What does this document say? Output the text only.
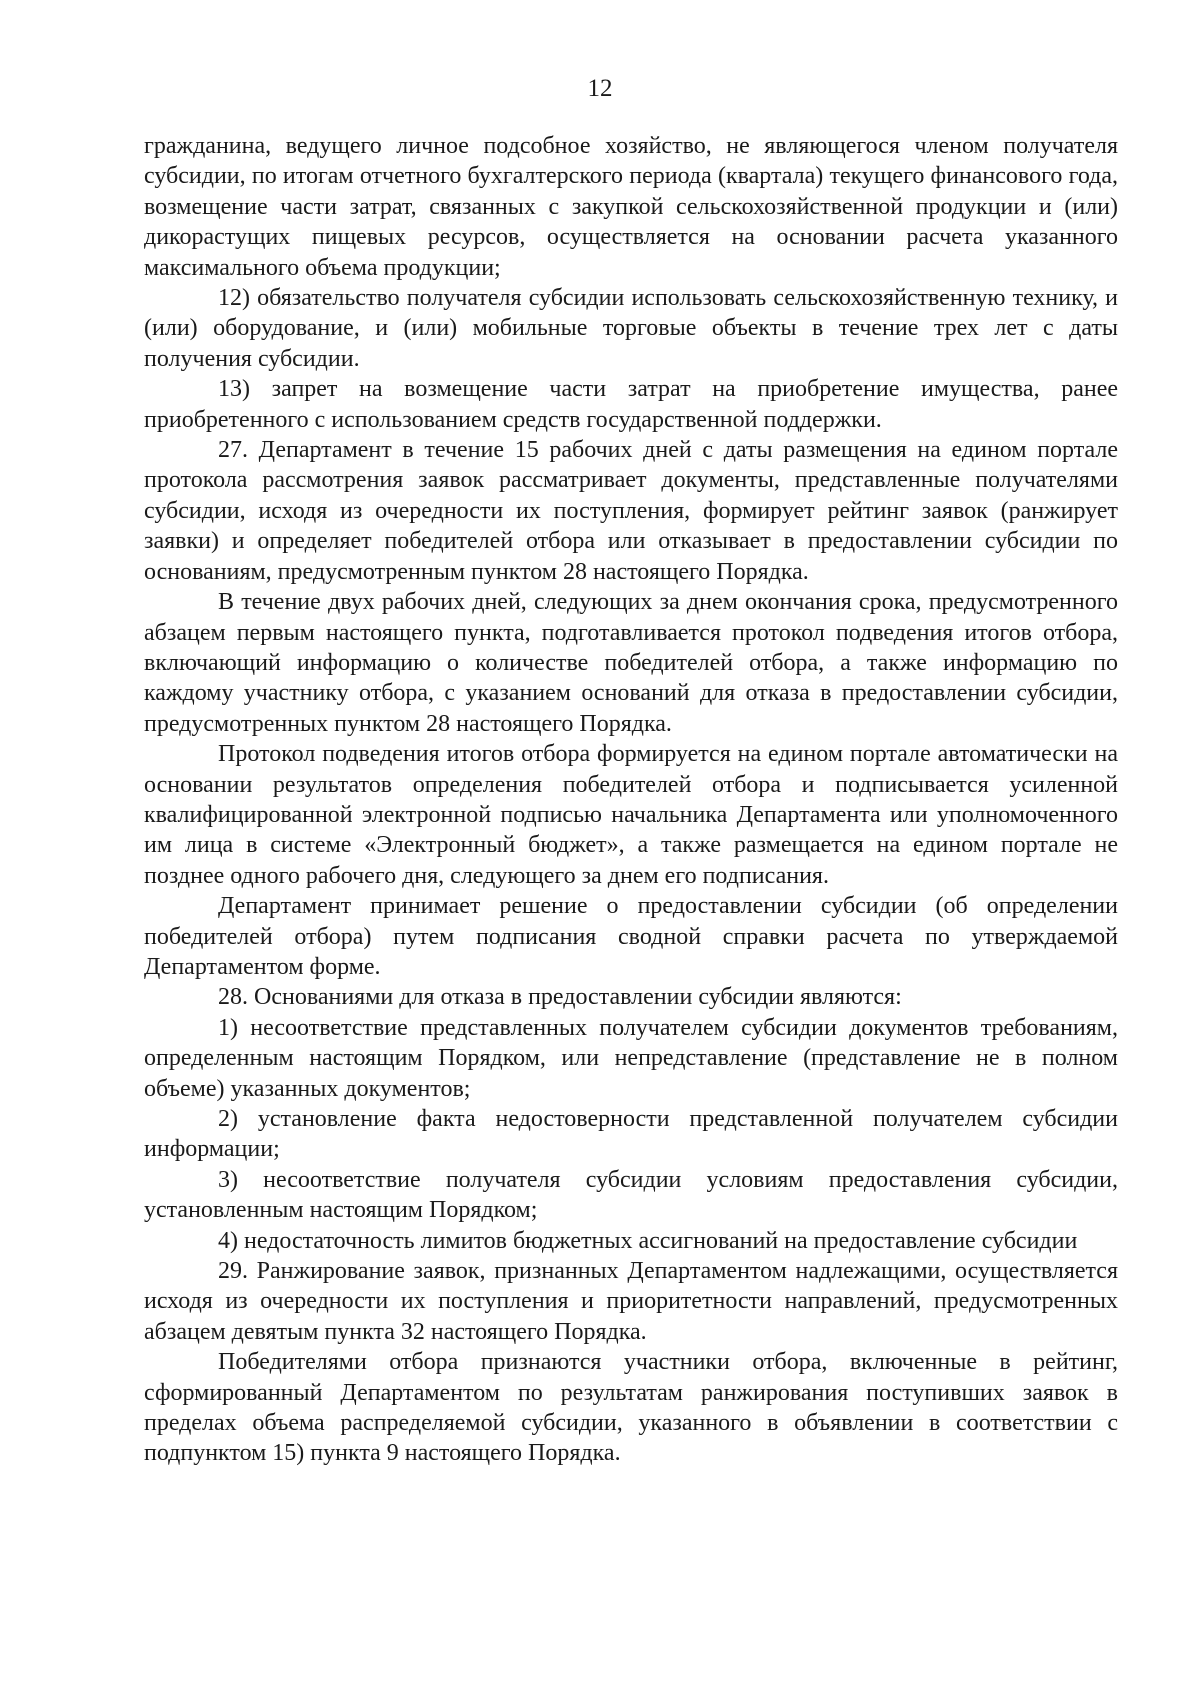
12

гражданина, ведущего личное подсобное хозяйство, не являющегося членом получателя субсидии, по итогам отчетного бухгалтерского периода (квартала) текущего финансового года, возмещение части затрат, связанных с закупкой сельскохозяйственной продукции и (или) дикорастущих пищевых ресурсов, осуществляется на основании расчета указанного максимального объема продукции;

12) обязательство получателя субсидии использовать сельскохозяйственную технику, и (или) оборудование, и (или) мобильные торговые объекты в течение трех лет с даты получения субсидии.

13) запрет на возмещение части затрат на приобретение имущества, ранее приобретенного с использованием средств государственной поддержки.

27. Департамент в течение 15 рабочих дней с даты размещения на едином портале протокола рассмотрения заявок рассматривает документы, представленные получателями субсидии, исходя из очередности их поступления, формирует рейтинг заявок (ранжирует заявки) и определяет победителей отбора или отказывает в предоставлении субсидии по основаниям, предусмотренным пунктом 28 настоящего Порядка.

В течение двух рабочих дней, следующих за днем окончания срока, предусмотренного абзацем первым настоящего пункта, подготавливается протокол подведения итогов отбора, включающий информацию о количестве победителей отбора, а также информацию по каждому участнику отбора, с указанием оснований для отказа в предоставлении субсидии, предусмотренных пунктом 28 настоящего Порядка.

Протокол подведения итогов отбора формируется на едином портале автоматически на основании результатов определения победителей отбора и подписывается усиленной квалифицированной электронной подписью начальника Департамента или уполномоченного им лица в системе «Электронный бюджет», а также размещается на едином портале не позднее одного рабочего дня, следующего за днем его подписания.

Департамент принимает решение о предоставлении субсидии (об определении победителей отбора) путем подписания сводной справки расчета по утверждаемой Департаментом форме.

28. Основаниями для отказа в предоставлении субсидии являются:

1) несоответствие представленных получателем субсидии документов требованиям, определенным настоящим Порядком, или непредставление (представление не в полном объеме) указанных документов;

2) установление факта недостоверности представленной получателем субсидии информации;

3) несоответствие получателя субсидии условиям предоставления субсидии, установленным настоящим Порядком;

4) недостаточность лимитов бюджетных ассигнований на предоставление субсидии

29. Ранжирование заявок, признанных Департаментом надлежащими, осуществляется исходя из очередности их поступления и приоритетности направлений, предусмотренных абзацем девятым пункта 32 настоящего Порядка.

Победителями отбора признаются участники отбора, включенные в рейтинг, сформированный Департаментом по результатам ранжирования поступивших заявок в пределах объема распределяемой субсидии, указанного в объявлении в соответствии с подпунктом 15) пункта 9 настоящего Порядка.
